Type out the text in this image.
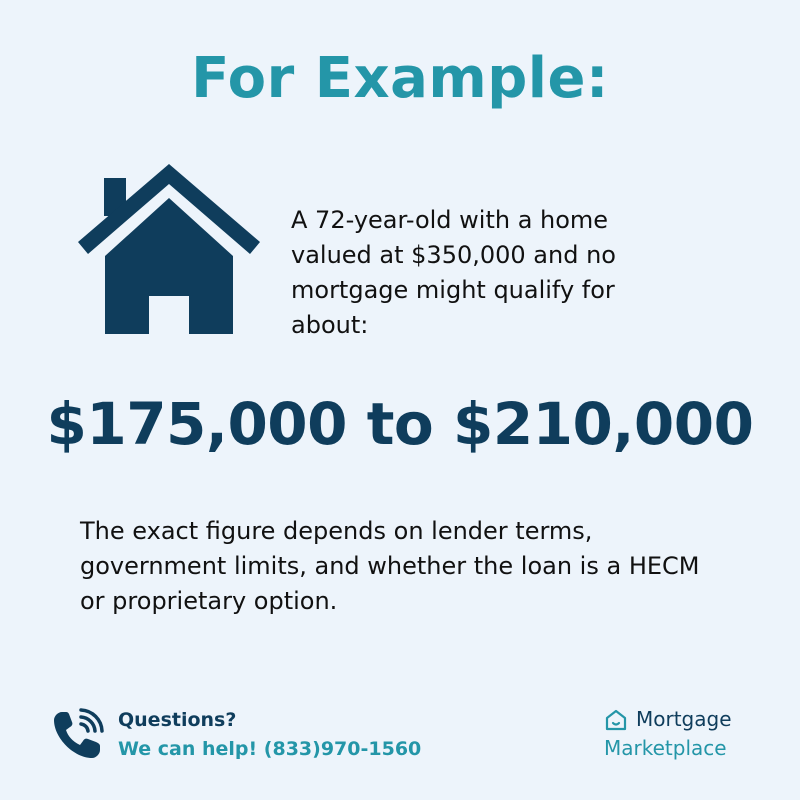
For Example:
A 72-year-old with a home valued at $350,000 and no mortgage might qualify for about:
$175,000 to $210,000
The exact figure depends on lender terms, government limits, and whether the loan is a HECM or proprietary option.
Questions?
We can help! (833)970-1560
Mortgage
Marketplace
